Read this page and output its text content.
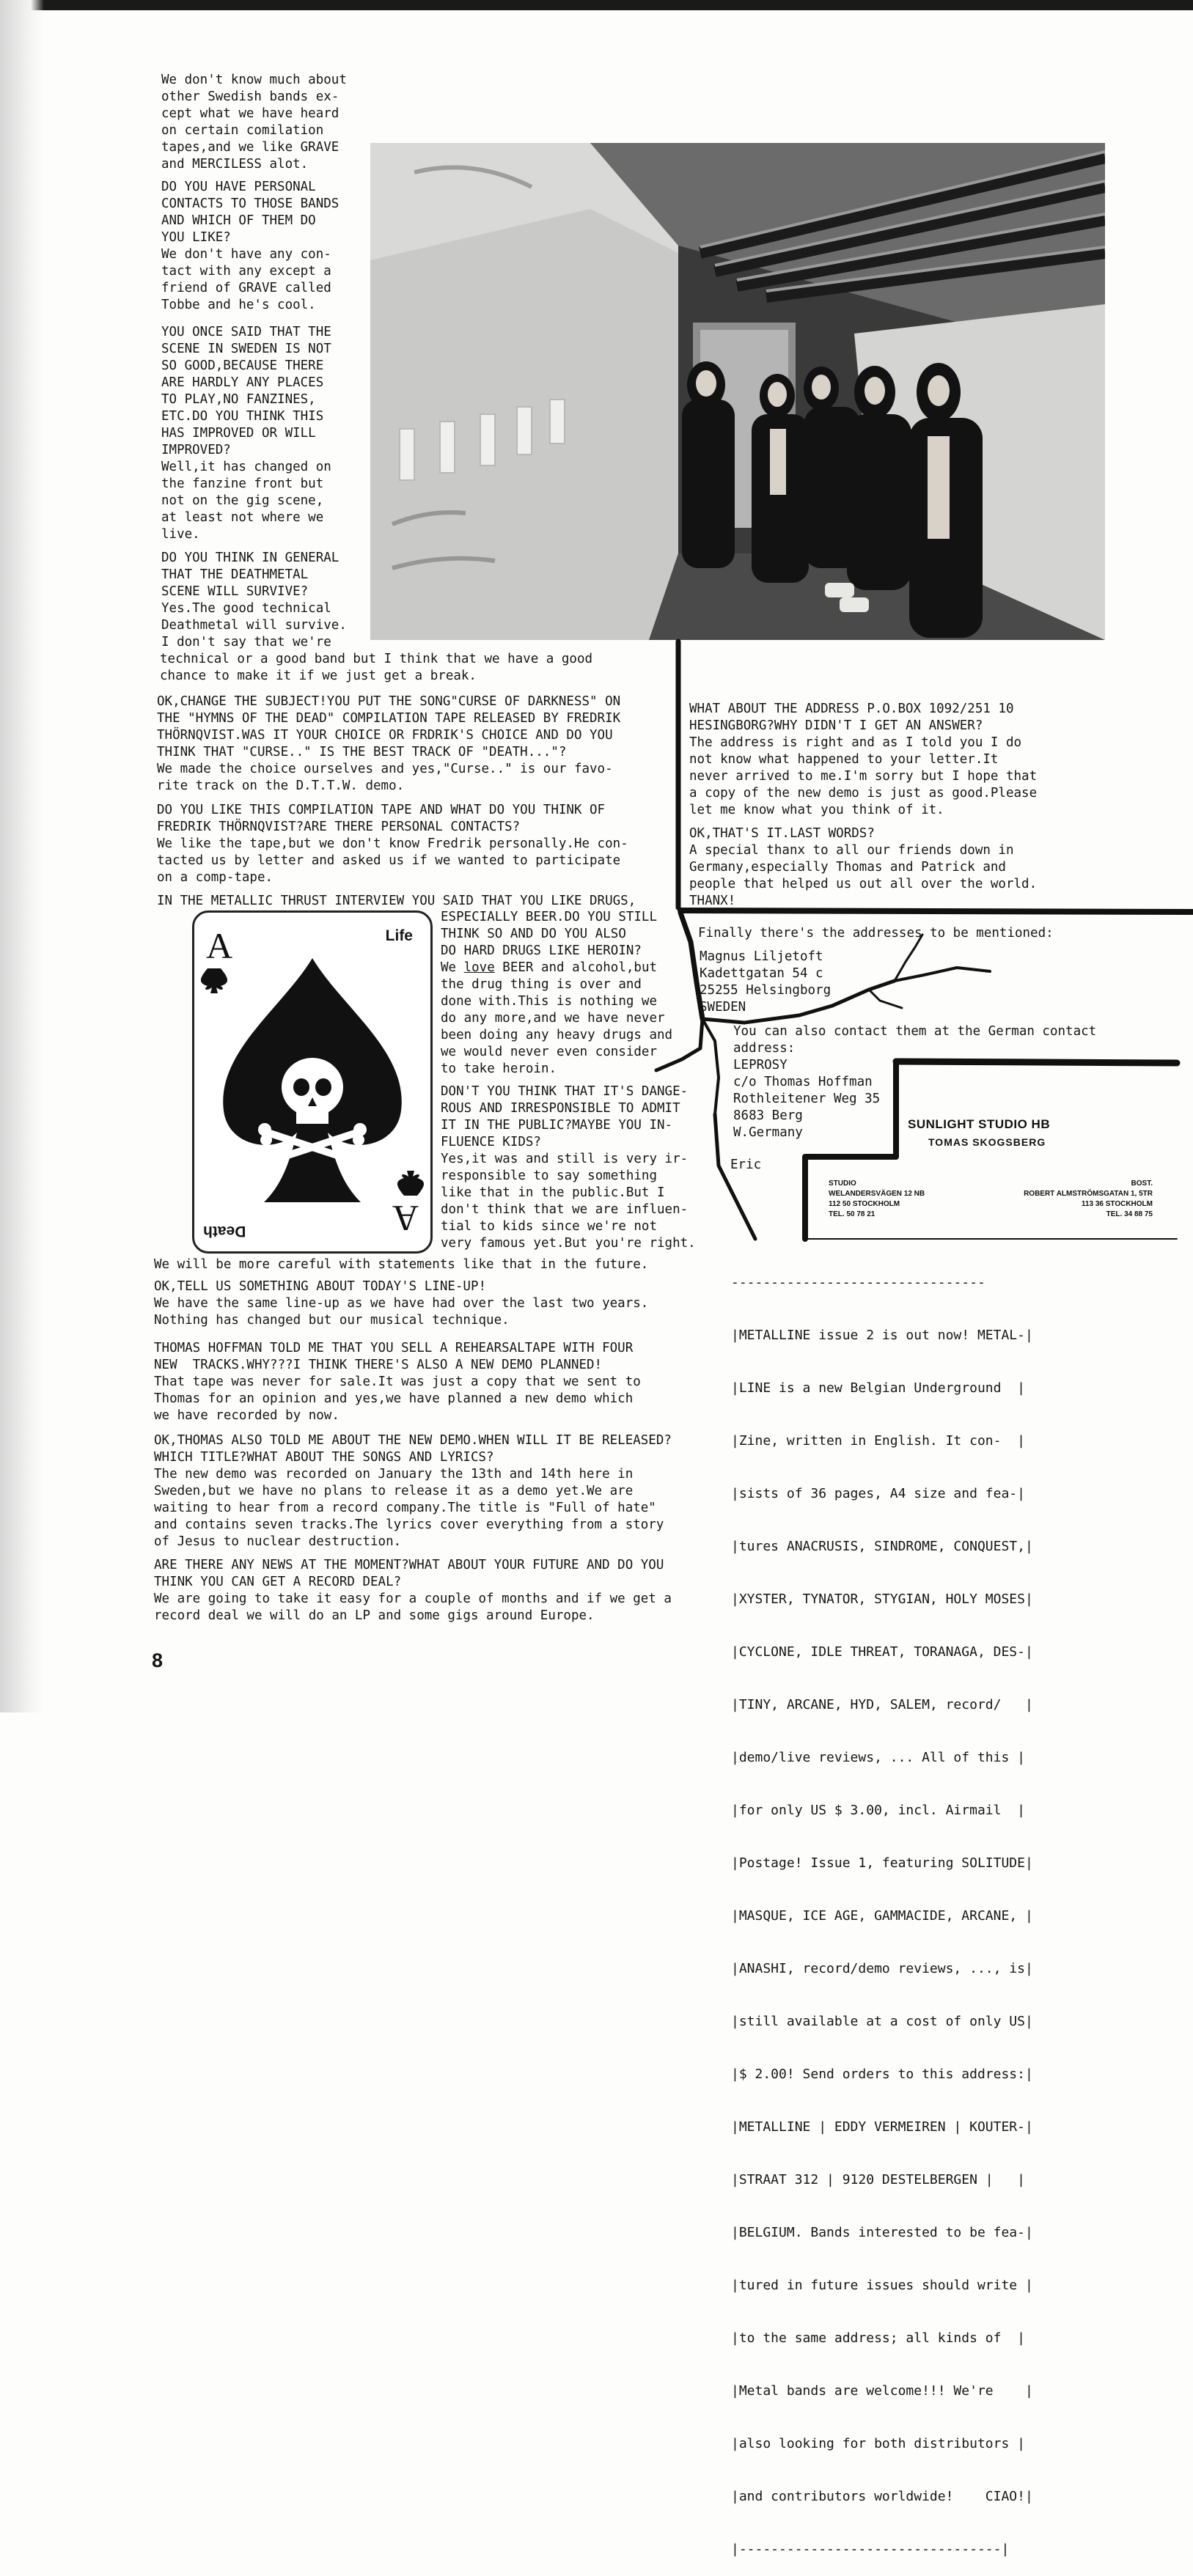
We don't know much about
other Swedish bands ex-
cept what we have heard
on certain comilation
tapes,and we like GRAVE
and MERCILESS alot.

DO YOU HAVE PERSONAL
CONTACTS TO THOSE BANDS
AND WHICH OF THEM DO
YOU LIKE?
We don't have any con-
tact with any except a
friend of GRAVE called
Tobbe and he's cool.

YOU ONCE SAID THAT THE
SCENE IN SWEDEN IS NOT
SO GOOD,BECAUSE THERE
ARE HARDLY ANY PLACES
TO PLAY,NO FANZINES,
ETC.DO YOU THINK THIS
HAS IMPROVED OR WILL
IMPROVED?
Well,it has changed on
the fanzine front but
not on the gig scene,
at least not where we
live.

DO YOU THINK IN GENERAL
THAT THE DEATHMETAL
SCENE WILL SURVIVE?
Yes.The good technical
Deathmetal will survive.
I don't say that we're

technical or a good band but I think that we have a good
chance to make it if we just get a break.

OK,CHANGE THE SUBJECT!YOU PUT THE SONG"CURSE OF DARKNESS" ON
THE "HYMNS OF THE DEAD" COMPILATION TAPE RELEASED BY FREDRIK
THÖRNQVIST.WAS IT YOUR CHOICE OR FRDRIK'S CHOICE AND DO YOU
THINK THAT "CURSE.." IS THE BEST TRACK OF "DEATH..."?
We made the choice ourselves and yes,"Curse.." is our favo-
rite track on the D.T.T.W. demo.

DO YOU LIKE THIS COMPILATION TAPE AND WHAT DO YOU THINK OF
FREDRIK THÖRNQVIST?ARE THERE PERSONAL CONTACTS?
We like the tape,but we don't know Fredrik personally.He con-
tacted us by letter and asked us if we wanted to participate
on a comp-tape.

IN THE METALLIC THRUST INTERVIEW YOU SAID THAT YOU LIKE DRUGS,

A
A
Life
Death
ESPECIALLY BEER.DO YOU STILL
THINK SO AND DO YOU ALSO
DO HARD DRUGS LIKE HEROIN?
We love BEER and alcohol,but
the drug thing is over and
done with.This is nothing we
do any more,and we have never
been doing any heavy drugs and
we would never even consider
to take heroin.

DON'T YOU THINK THAT IT'S DANGE-
ROUS AND IRRESPONSIBLE TO ADMIT
IT IN THE PUBLIC?MAYBE YOU IN-
FLUENCE KIDS?
Yes,it was and still is very ir-
responsible to say something
like that in the public.But I
don't think that we are influen-
tial to kids since we're not
very famous yet.But you're right.

We will be more careful with statements like that in the future.

OK,TELL US SOMETHING ABOUT TODAY'S LINE-UP!
We have the same line-up as we have had over the last two years.
Nothing has changed but our musical technique.

THOMAS HOFFMAN TOLD ME THAT YOU SELL A REHEARSALTAPE WITH FOUR
NEW  TRACKS.WHY???I THINK THERE'S ALSO A NEW DEMO PLANNED!
That tape was never for sale.It was just a copy that we sent to
Thomas for an opinion and yes,we have planned a new demo which
we have recorded by now.

OK,THOMAS ALSO TOLD ME ABOUT THE NEW DEMO.WHEN WILL IT BE RELEASED?
WHICH TITLE?WHAT ABOUT THE SONGS AND LYRICS?
The new demo was recorded on January the 13th and 14th here in
Sweden,but we have no plans to release it as a demo yet.We are
waiting to hear from a record company.The title is "Full of hate"
and contains seven tracks.The lyrics cover everything from a story
of Jesus to nuclear destruction.

ARE THERE ANY NEWS AT THE MOMENT?WHAT ABOUT YOUR FUTURE AND DO YOU
THINK YOU CAN GET A RECORD DEAL?
We are going to take it easy for a couple of months and if we get a
record deal we will do an LP and some gigs around Europe.

WHAT ABOUT THE ADDRESS P.O.BOX 1092/251 10
HESINGBORG?WHY DIDN'T I GET AN ANSWER?
The address is right and as I told you I do
not know what happened to your letter.It
never arrived to me.I'm sorry but I hope that
a copy of the new demo is just as good.Please
let me know what you think of it.

OK,THAT'S IT.LAST WORDS?
A special thanx to all our friends down in
Germany,especially Thomas and Patrick and
people that helped us out all over the world.
THANX!

Finally there's the addresses to be mentioned:

Magnus Liljetoft
Kadettgatan 54 c
25255 Helsingborg
SWEDEN

You can also contact them at the German contact
address:

LEPROSY
c/o Thomas Hoffman
Rothleitener Weg 35
8683 Berg
W.Germany

Eric

SUNLIGHT STUDIO HB
TOMAS SKOGSBERG
STUDIO
WELANDERSVÄGEN 12 NB
112 50 STOCKHOLM
TEL. 50 78 21
BOST.
ROBERT ALMSTRÖMSGATAN 1, 5TR
113 36 STOCKHOLM
TEL. 34 88 75

--------------------------------

|METALLINE issue 2 is out now! METAL-|

|LINE is a new Belgian Underground  |

|Zine, written in English. It con-  |

|sists of 36 pages, A4 size and fea-|

|tures ANACRUSIS, SINDROME, CONQUEST,|

|XYSTER, TYNATOR, STYGIAN, HOLY MOSES|

|CYCLONE, IDLE THREAT, TORANAGA, DES-|

|TINY, ARCANE, HYD, SALEM, record/   |

|demo/live reviews, ... All of this |

|for only US $ 3.00, incl. Airmail  |

|Postage! Issue 1, featuring SOLITUDE|

|MASQUE, ICE AGE, GAMMACIDE, ARCANE, |

|ANASHI, record/demo reviews, ..., is|

|still available at a cost of only US|

|$ 2.00! Send orders to this address:|

|METALLINE | EDDY VERMEIREN | KOUTER-|

|STRAAT 312 | 9120 DESTELBERGEN |   |

|BELGIUM. Bands interested to be fea-|

|tured in future issues should write |

|to the same address; all kinds of  |

|Metal bands are welcome!!! We're    |

|also looking for both distributors |

|and contributors worldwide!    CIAO!|

|---------------------------------|

8
